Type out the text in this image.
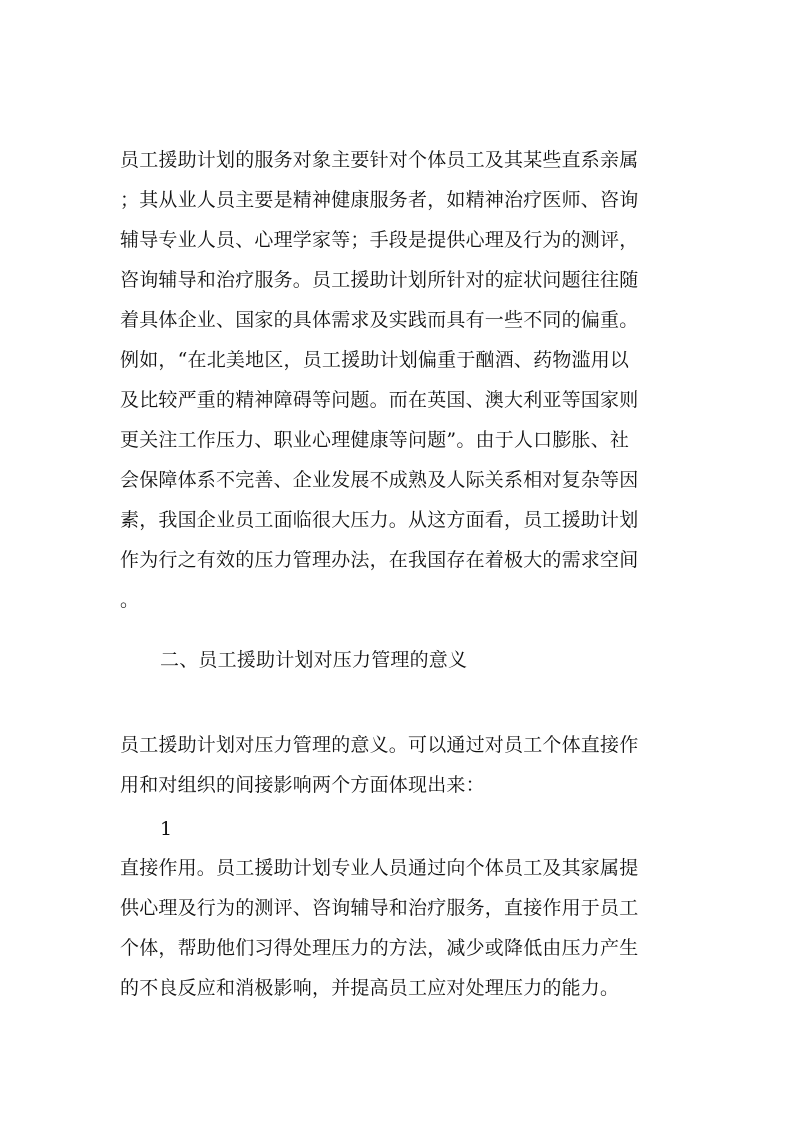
员工援助计划的服务对象主要针对个体员工及其某些直系亲属
；其从业人员主要是精神健康服务者，如精神治疗医师、咨询
辅导专业人员、心理学家等；手段是提供心理及行为的测评，
咨询辅导和治疗服务。员工援助计划所针对的症状问题往往随
着具体企业、国家的具体需求及实践而具有一些不同的偏重。
例如，“在北美地区，员工援助计划偏重于酗酒、药物滥用以
及比较严重的精神障碍等问题。而在英国、澳大利亚等国家则
更关注工作压力、职业心理健康等问题”。由于人口膨胀、社
会保障体系不完善、企业发展不成熟及人际关系相对复杂等因
素，我国企业员工面临很大压力。从这方面看，员工援助计划
作为行之有效的压力管理办法，在我国存在着极大的需求空间
。
二、员工援助计划对压力管理的意义
员工援助计划对压力管理的意义。可以通过对员工个体直接作
用和对组织的间接影响两个方面体现出来：
1
直接作用。员工援助计划专业人员通过向个体员工及其家属提
供心理及行为的测评、咨询辅导和治疗服务，直接作用于员工
个体，帮助他们习得处理压力的方法，减少或降低由压力产生
的不良反应和消极影响，并提高员工应对处理压力的能力。
